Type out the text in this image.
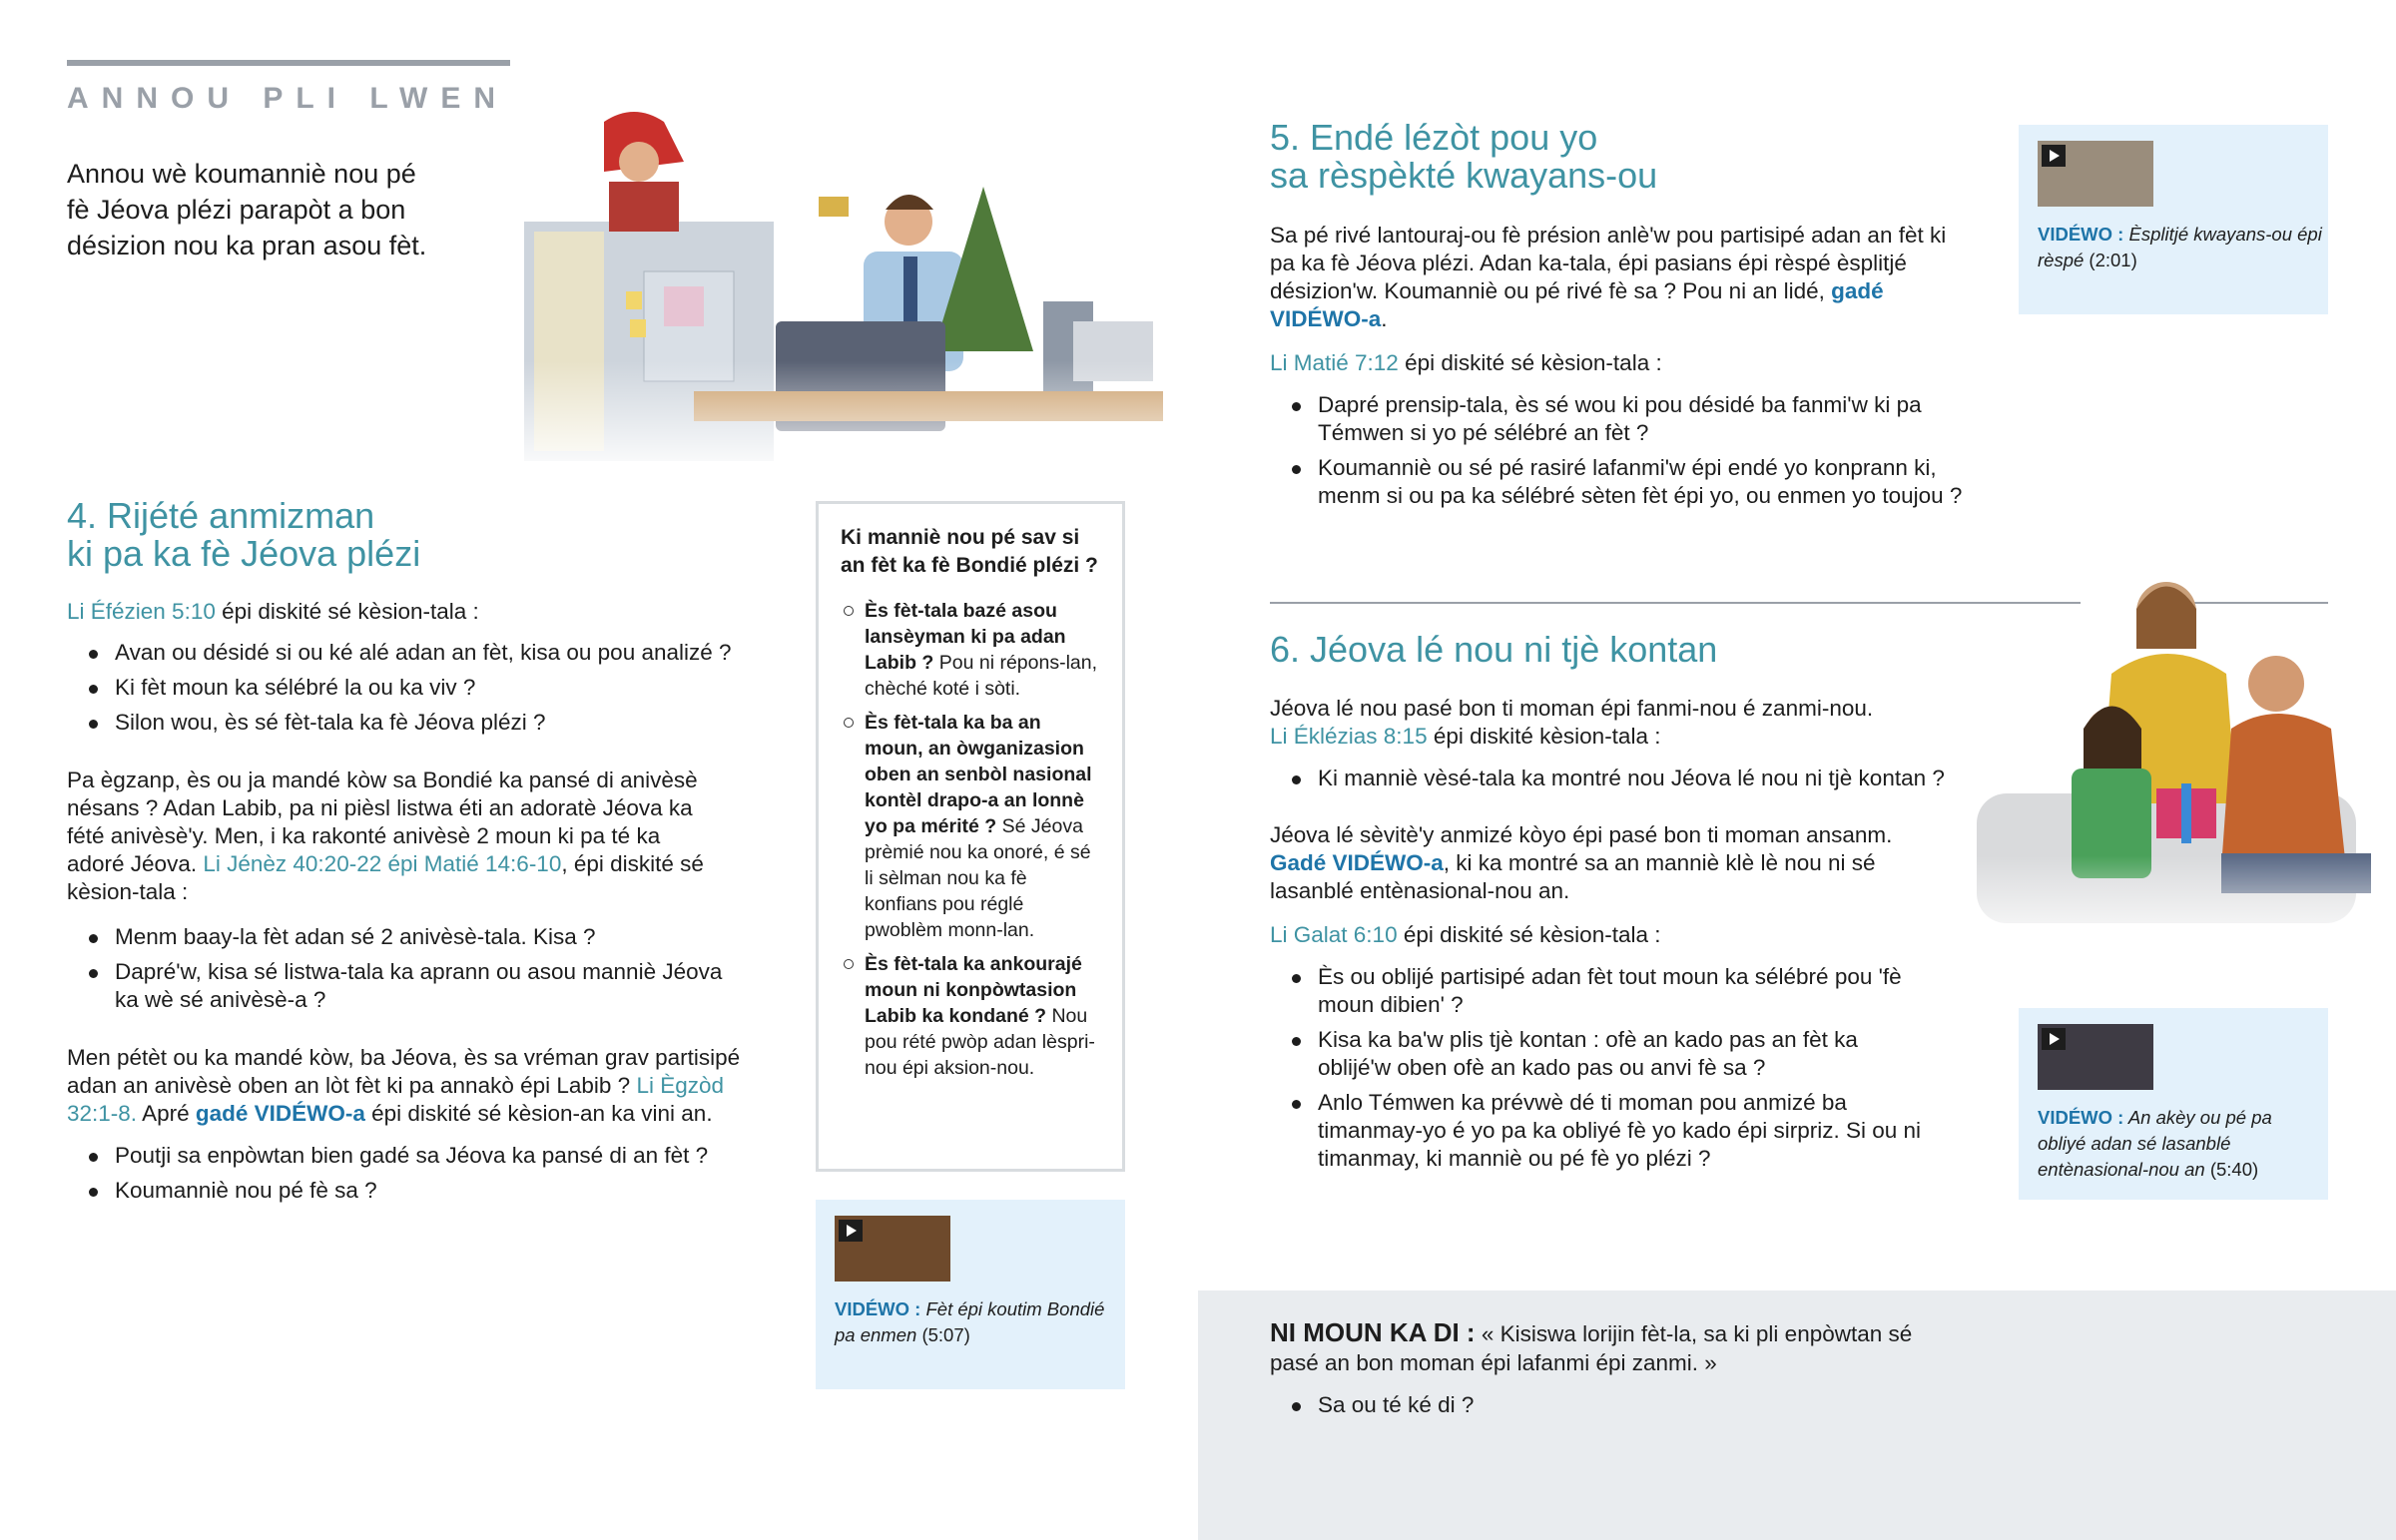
ANNOU PLI LWEN
Annou wè koumanniè nou pé
fè Jéova plézi parapòt a bon
désizion nou ka pran asou fèt.
4. Rijété anmizman
ki pa ka fè Jéova plézi
Li Éfézien 5:10 épi diskité sé kèsion-tala :
Avan ou désidé si ou ké alé adan an fèt, kisa ou pou analizé ?
Ki fèt moun ka sélébré la ou ka viv ?
Silon wou, ès sé fèt-tala ka fè Jéova plézi ?
Pa ègzanp, ès ou ja mandé kòw sa Bondié ka pansé di anivèsè nésans ? Adan Labib, pa ni pièsl listwa éti an adoratè Jéova ka fété anivèsè'y. Men, i ka rakonté anivèsè 2 moun ki pa té ka adoré Jéova. Li Jénèz 40:20-22 épi Matié 14:6-10, épi diskité sé kèsion-tala :
Menm baay-la fèt adan sé 2 anivèsè-tala. Kisa ?
Dapré'w, kisa sé listwa-tala ka aprann ou asou manniè Jéova ka wè sé anivèsè-a ?
Men pétèt ou ka mandé kòw, ba Jéova, ès sa vréman grav partisipé adan an anivèsè oben an lòt fèt ki pa annakò épi Labib ? Li Ègzòd 32:1-8. Apré gadé VIDÉWO-a épi diskité sé kèsion-an ka vini an.
Poutji sa enpòwtan bien gadé sa Jéova ka pansé di an fèt ?
Koumanniè nou pé fè sa ?
Ki manniè nou pé sav si an fèt ka fè Bondié plézi ?
Ès fèt-tala bazé asou lansèyman ki pa adan Labib ? Pou ni répons-lan, chèché koté i sòti.
Ès fèt-tala ka ba an moun, an òwganizasion oben an senbòl nasional kontèl drapo-a an lonnè yo pa mérité ? Sé Jéova prèmié nou ka onoré, é sé li sèlman nou ka fè konfians pou réglé pwoblèm monn-lan.
Ès fèt-tala ka ankourajé moun ni konpòwtasion Labib ka kondané ? Nou pou rété pwòp adan lèspri-nou épi aksion-nou.
VIDÉWO : Fèt épi koutim Bondié pa enmen (5:07)
5. Endé lézòt pou yo
sa rèspèkté kwayans-ou
Sa pé rivé lantouraj-ou fè présion anlè'w pou partisipé adan an fèt ki pa ka fè Jéova plézi. Adan ka-tala, épi pasians épi rèspé èsplitjé désizion'w. Koumanniè ou pé rivé fè sa ? Pou ni an lidé, gadé VIDÉWO-a.
Li Matié 7:12 épi diskité sé kèsion-tala :
Dapré prensip-tala, ès sé wou ki pou désidé ba fanmi'w ki pa Témwen si yo pé sélébré an fèt ?
Koumanniè ou sé pé rasiré lafanmi'w épi endé yo konprann ki, menm si ou pa ka sélébré sèten fèt épi yo, ou enmen yo toujou ?
VIDÉWO : Èsplitjé kwayans-ou épi rèspé (2:01)
6. Jéova lé nou ni tjè kontan
Jéova lé nou pasé bon ti moman épi fanmi-nou é zanmi-nou.
Li Éklézias 8:15 épi diskité kèsion-tala :
Ki manniè vèsé-tala ka montré nou Jéova lé nou ni tjè kontan ?
Jéova lé sèvitè'y anmizé kòyo épi pasé bon ti moman ansanm. Gadé VIDÉWO-a, ki ka montré sa an manniè klè lè nou ni sé lasanblé entènasional-nou an.
Li Galat 6:10 épi diskité sé kèsion-tala :
Ès ou oblijé partisipé adan fèt tout moun ka sélébré pou 'fè moun dibien' ?
Kisa ka ba'w plis tjè kontan : ofè an kado pas an fèt ka oblijé'w oben ofè an kado pas ou anvi fè sa ?
Anlo Témwen ka prévwè dé ti moman pou anmizé ba timanmay-yo é yo pa ka obliyé fè yo kado épi sirpriz. Si ou ni timanmay, ki manniè ou pé fè yo plézi ?
VIDÉWO : An akèy ou pé pa obliyé adan sé lasanblé entènasional-nou an (5:40)
NI MOUN KA DI : « Kisiswa lorijin fèt-la, sa ki pli enpòwtan sé pasé an bon moman épi lafanmi épi zanmi. »
Sa ou té ké di ?
